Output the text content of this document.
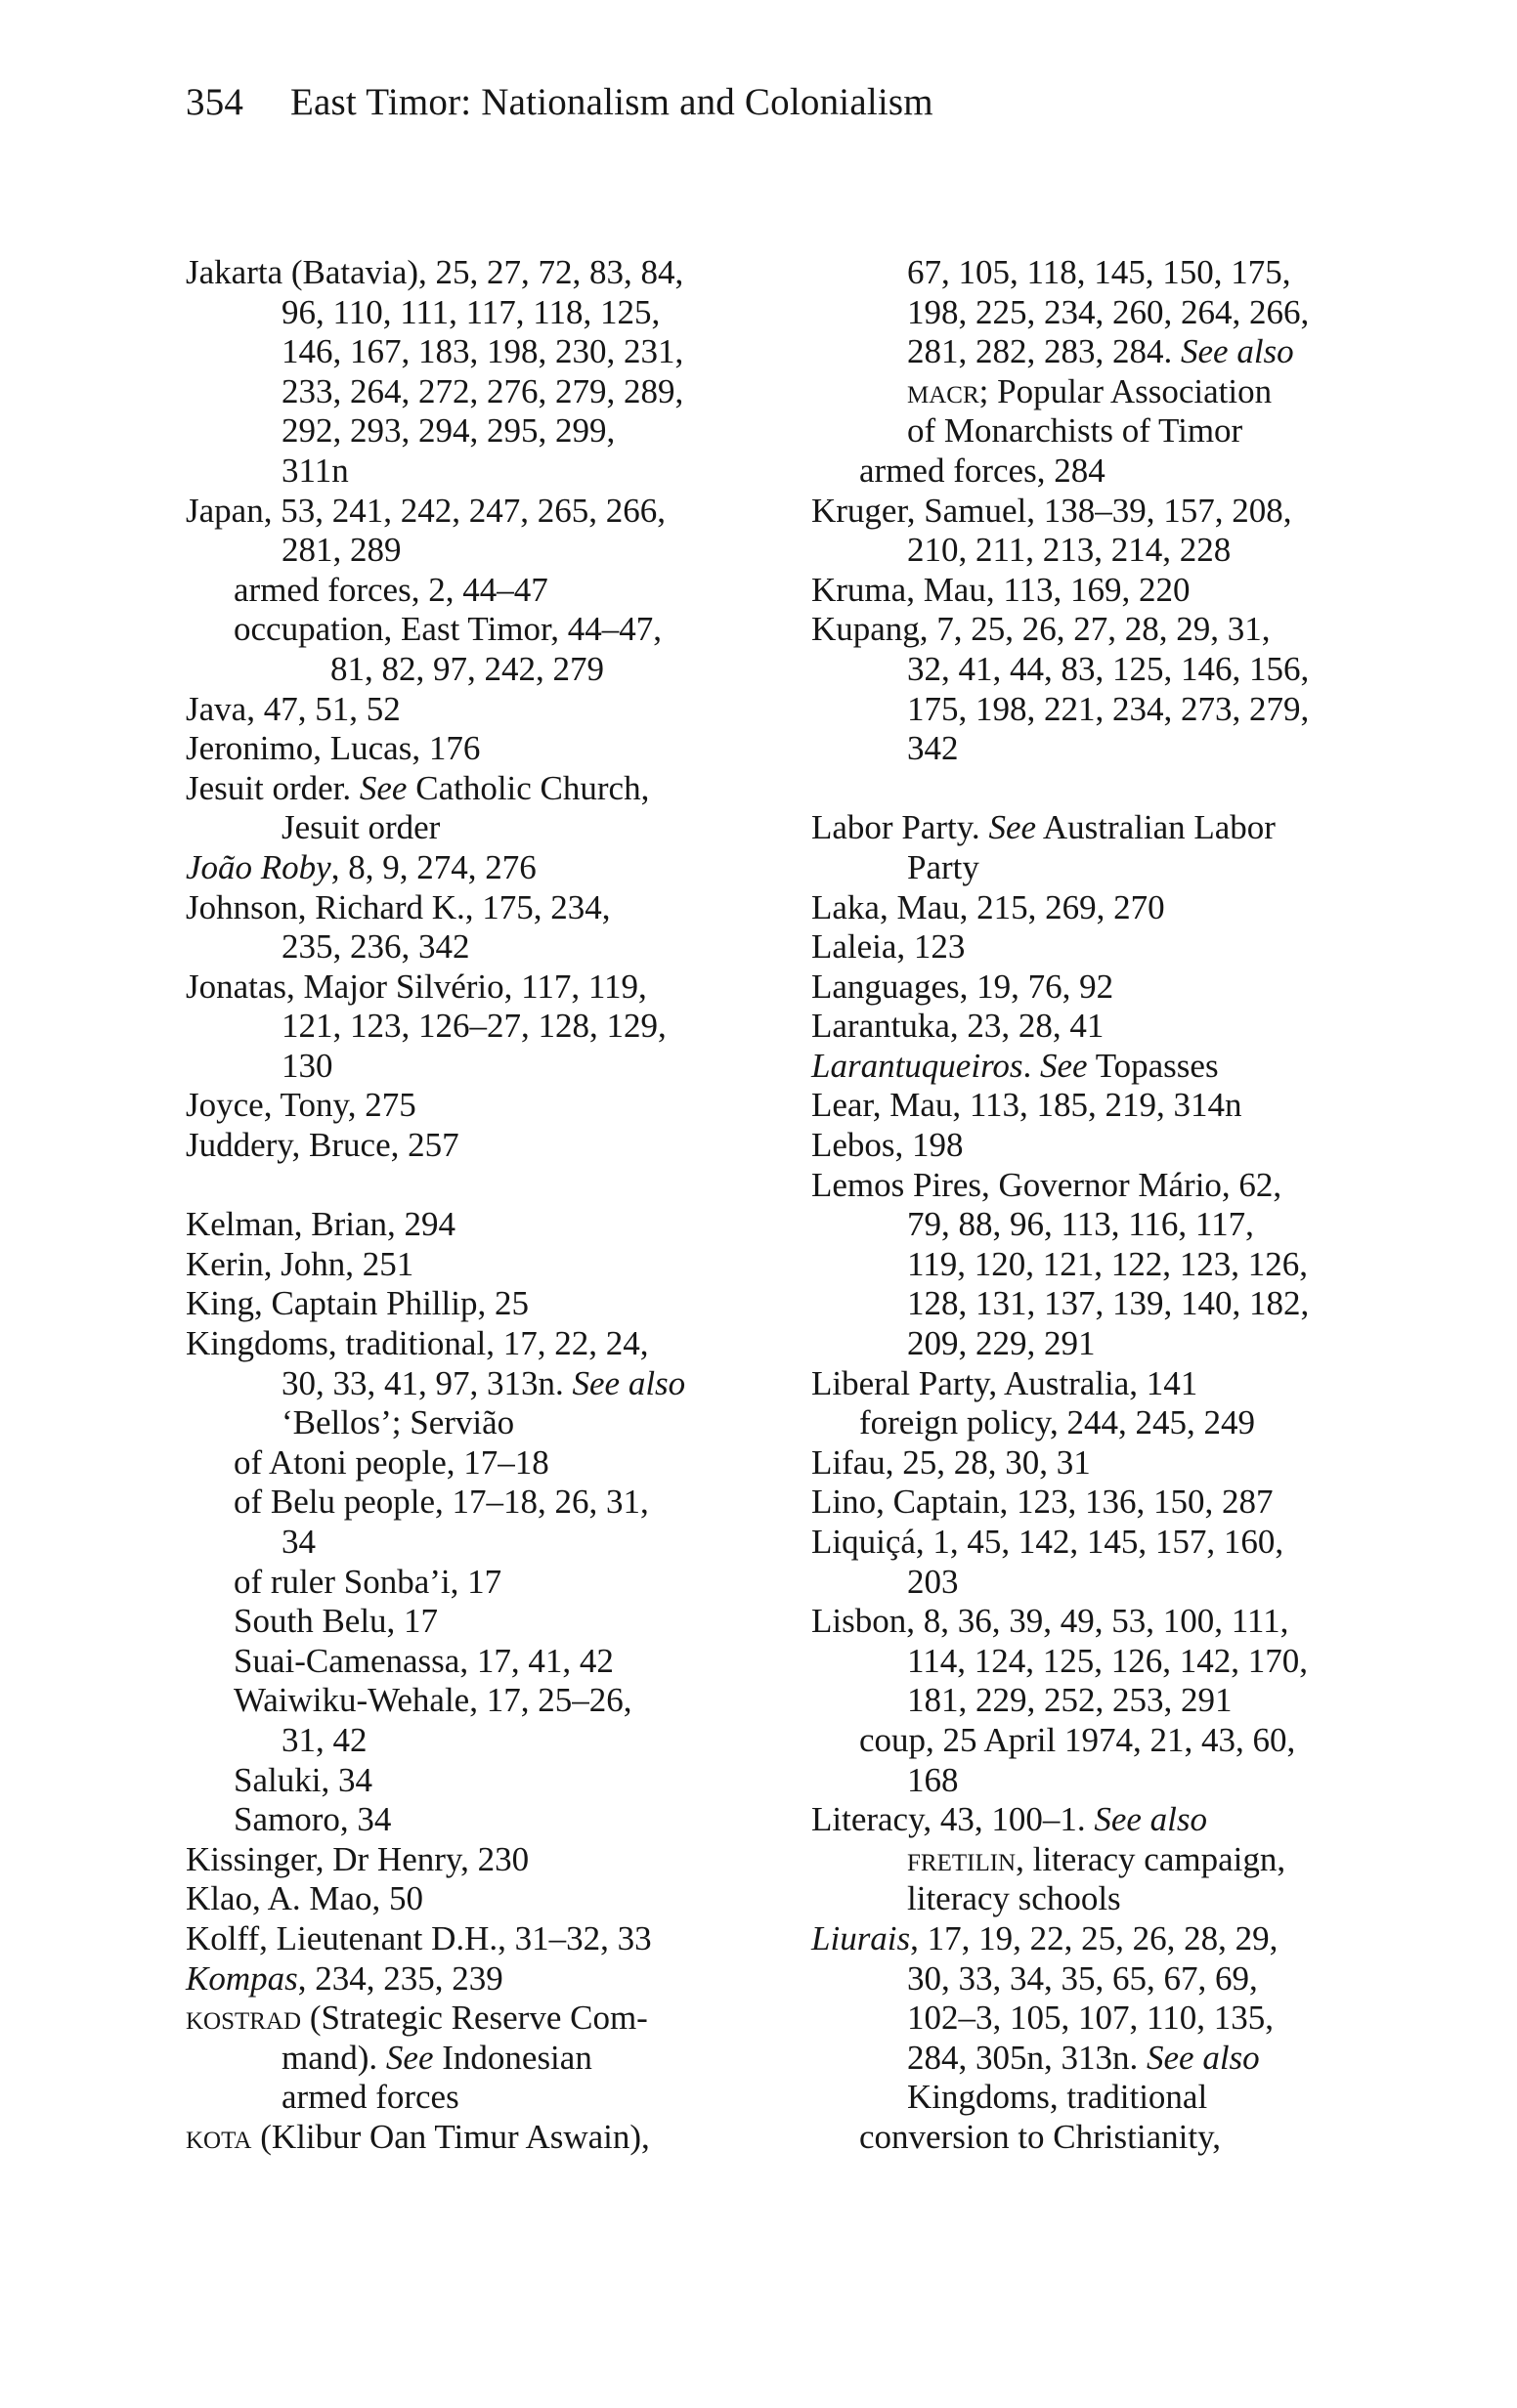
354 East Timor: Nationalism and Colonialism
Jakarta (Batavia), 25, 27, 72, 83, 84,
96, 110, 111, 117, 118, 125,
146, 167, 183, 198, 230, 231,
233, 264, 272, 276, 279, 289,
292, 293, 294, 295, 299,
311n
Japan, 53, 241, 242, 247, 265, 266,
281, 289
armed forces, 2, 44–47
occupation, East Timor, 44–47,
81, 82, 97, 242, 279
Java, 47, 51, 52
Jeronimo, Lucas, 176
Jesuit order. See Catholic Church,
Jesuit order
João Roby, 8, 9, 274, 276
Johnson, Richard K., 175, 234,
235, 236, 342
Jonatas, Major Silvério, 117, 119,
121, 123, 126–27, 128, 129,
130
Joyce, Tony, 275
Juddery, Bruce, 257
Kelman, Brian, 294
Kerin, John, 251
King, Captain Phillip, 25
Kingdoms, traditional, 17, 22, 24,
30, 33, 41, 97, 313n. See also
‘Bellos’; Servião
of Atoni people, 17–18
of Belu people, 17–18, 26, 31,
34
of ruler Sonba’i, 17
South Belu, 17
Suai-Camenassa, 17, 41, 42
Waiwiku-Wehale, 17, 25–26,
31, 42
Saluki, 34
Samoro, 34
Kissinger, Dr Henry, 230
Klao, A. Mao, 50
Kolff, Lieutenant D.H., 31–32, 33
Kompas, 234, 235, 239
kostrad (Strategic Reserve Com-
mand). See Indonesian
armed forces
kota (Klibur Oan Timur Aswain),
67, 105, 118, 145, 150, 175,
198, 225, 234, 260, 264, 266,
281, 282, 283, 284. See also
macr; Popular Association
of Monarchists of Timor
armed forces, 284
Kruger, Samuel, 138–39, 157, 208,
210, 211, 213, 214, 228
Kruma, Mau, 113, 169, 220
Kupang, 7, 25, 26, 27, 28, 29, 31,
32, 41, 44, 83, 125, 146, 156,
175, 198, 221, 234, 273, 279,
342
Labor Party. See Australian Labor
Party
Laka, Mau, 215, 269, 270
Laleia, 123
Languages, 19, 76, 92
Larantuka, 23, 28, 41
Larantuqueiros. See Topasses
Lear, Mau, 113, 185, 219, 314n
Lebos, 198
Lemos Pires, Governor Mário, 62,
79, 88, 96, 113, 116, 117,
119, 120, 121, 122, 123, 126,
128, 131, 137, 139, 140, 182,
209, 229, 291
Liberal Party, Australia, 141
foreign policy, 244, 245, 249
Lifau, 25, 28, 30, 31
Lino, Captain, 123, 136, 150, 287
Liquiçá, 1, 45, 142, 145, 157, 160,
203
Lisbon, 8, 36, 39, 49, 53, 100, 111,
114, 124, 125, 126, 142, 170,
181, 229, 252, 253, 291
coup, 25 April 1974, 21, 43, 60,
168
Literacy, 43, 100–1. See also
fretilin, literacy campaign,
literacy schools
Liurais, 17, 19, 22, 25, 26, 28, 29,
30, 33, 34, 35, 65, 67, 69,
102–3, 105, 107, 110, 135,
284, 305n, 313n. See also
Kingdoms, traditional
conversion to Christianity,
